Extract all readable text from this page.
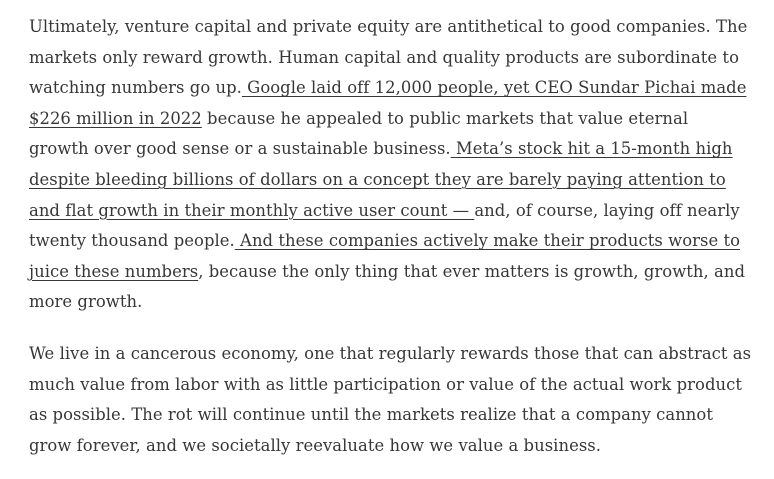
Ultimately, venture capital and private equity are antithetical to good companies. The markets only reward growth. Human capital and quality products are subordinate to watching numbers go up. Google laid off 12,000 people, yet CEO Sundar Pichai made $226 million in 2022 because he appealed to public markets that value eternal growth over good sense or a sustainable business. Meta’s stock hit a 15-month high despite bleeding billions of dollars on a concept they are barely paying attention to and flat growth in their monthly active user count — and, of course, laying off nearly twenty thousand people. And these companies actively make their products worse to juice these numbers, because the only thing that ever matters is growth, growth, and more growth.

We live in a cancerous economy, one that regularly rewards those that can abstract as much value from labor with as little participation or value of the actual work product as possible. The rot will continue until the markets realize that a company cannot grow forever, and we societally reevaluate how we value a business.
